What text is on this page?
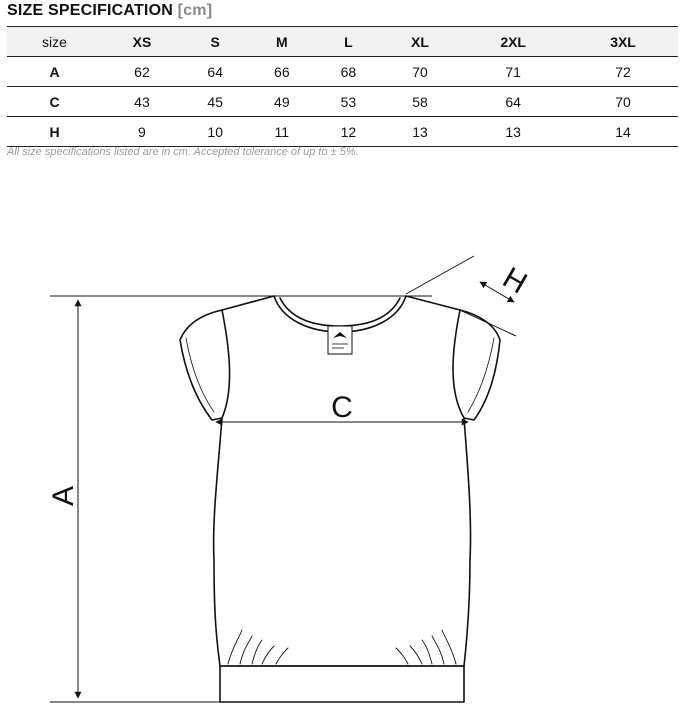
SIZE SPECIFICATION [cm]
size	XS	S	M	L	XL	2XL	3XL
A	62	64	66	68	70	71	72
C	43	45	49	53	58	64	70
H	9	10	11	12	13	13	14
All size specifications listed are in cm. Accepted tolerance of up to ± 5%.
A
C
H
